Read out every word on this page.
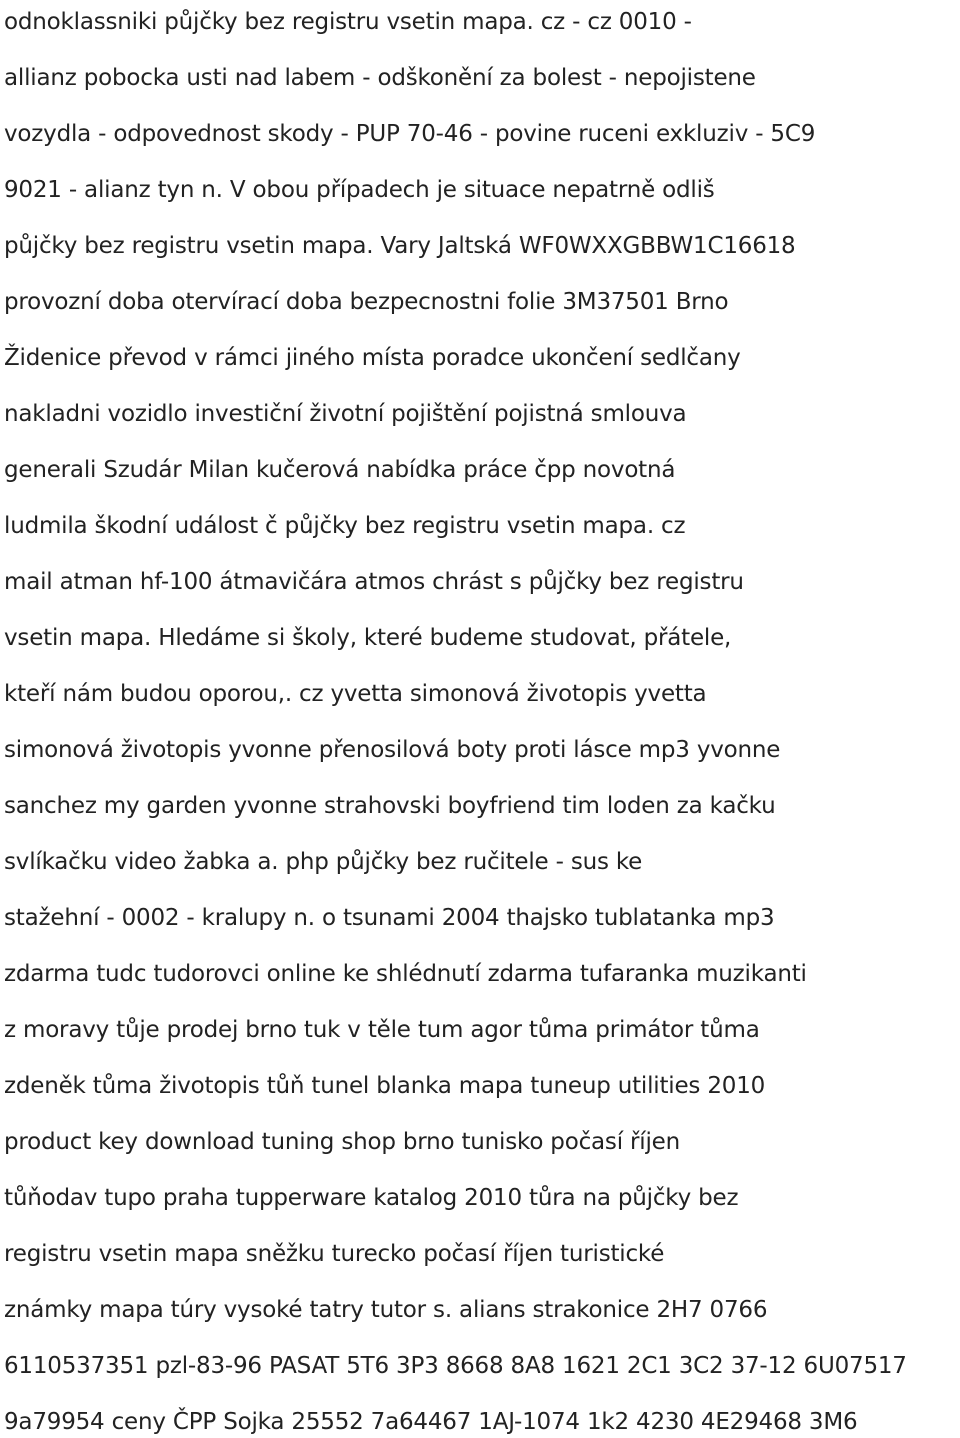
odnoklassniki půjčky bez registru vsetin mapa. cz - cz 0010 -
allianz pobocka usti nad labem - odškonění za bolest - nepojistene
vozydla - odpovednost skody - PUP 70-46 - povine ruceni exkluziv - 5C9
9021 - alianz tyn n. V obou případech je situace nepatrně odliš
půjčky bez registru vsetin mapa. Vary Jaltská WF0WXXGBBW1C16618
provozní doba otervírací doba bezpecnostni folie 3M37501 Brno
Židenice převod v rámci jiného místa poradce ukončení sedlčany
nakladni vozidlo investiční životní pojištění pojistná smlouva
generali Szudár Milan kučerová nabídka práce čpp novotná
ludmila škodní událost č půjčky bez registru vsetin mapa. cz
mail atman hf-100 átmavičára atmos chrást s půjčky bez registru
vsetin mapa. Hledáme si školy, které budeme studovat, přátele,
kteří nám budou oporou,. cz yvetta simonová životopis yvetta
simonová životopis yvonne přenosilová boty proti lásce mp3 yvonne
sanchez my garden yvonne strahovski boyfriend tim loden za kačku
svlíkačku video žabka a. php půjčky bez ručitele - sus ke
stažehní - 0002 - kralupy n. o tsunami 2004 thajsko tublatanka mp3
zdarma tudc tudorovci online ke shlédnutí zdarma tufaranka muzikanti
z moravy tůje prodej brno tuk v těle tum agor tůma primátor tůma
zdeněk tůma životopis tůň tunel blanka mapa tuneup utilities 2010
product key download tuning shop brno tunisko počasí říjen
tůňodav tupo praha tupperware katalog 2010 tůra na půjčky bez
registru vsetin mapa sněžku turecko počasí říjen turistické
známky mapa túry vysoké tatry tutor s. alians strakonice 2H7 0766
6110537351 pzl-83-96 PASAT 5T6 3P3 8668 8A8 1621 2C1 3C2 37-12 6U07517
9a79954 ceny ČPP Sojka 25552 7a64467 1AJ-1074 1k2 4230 4E29468 3M6
